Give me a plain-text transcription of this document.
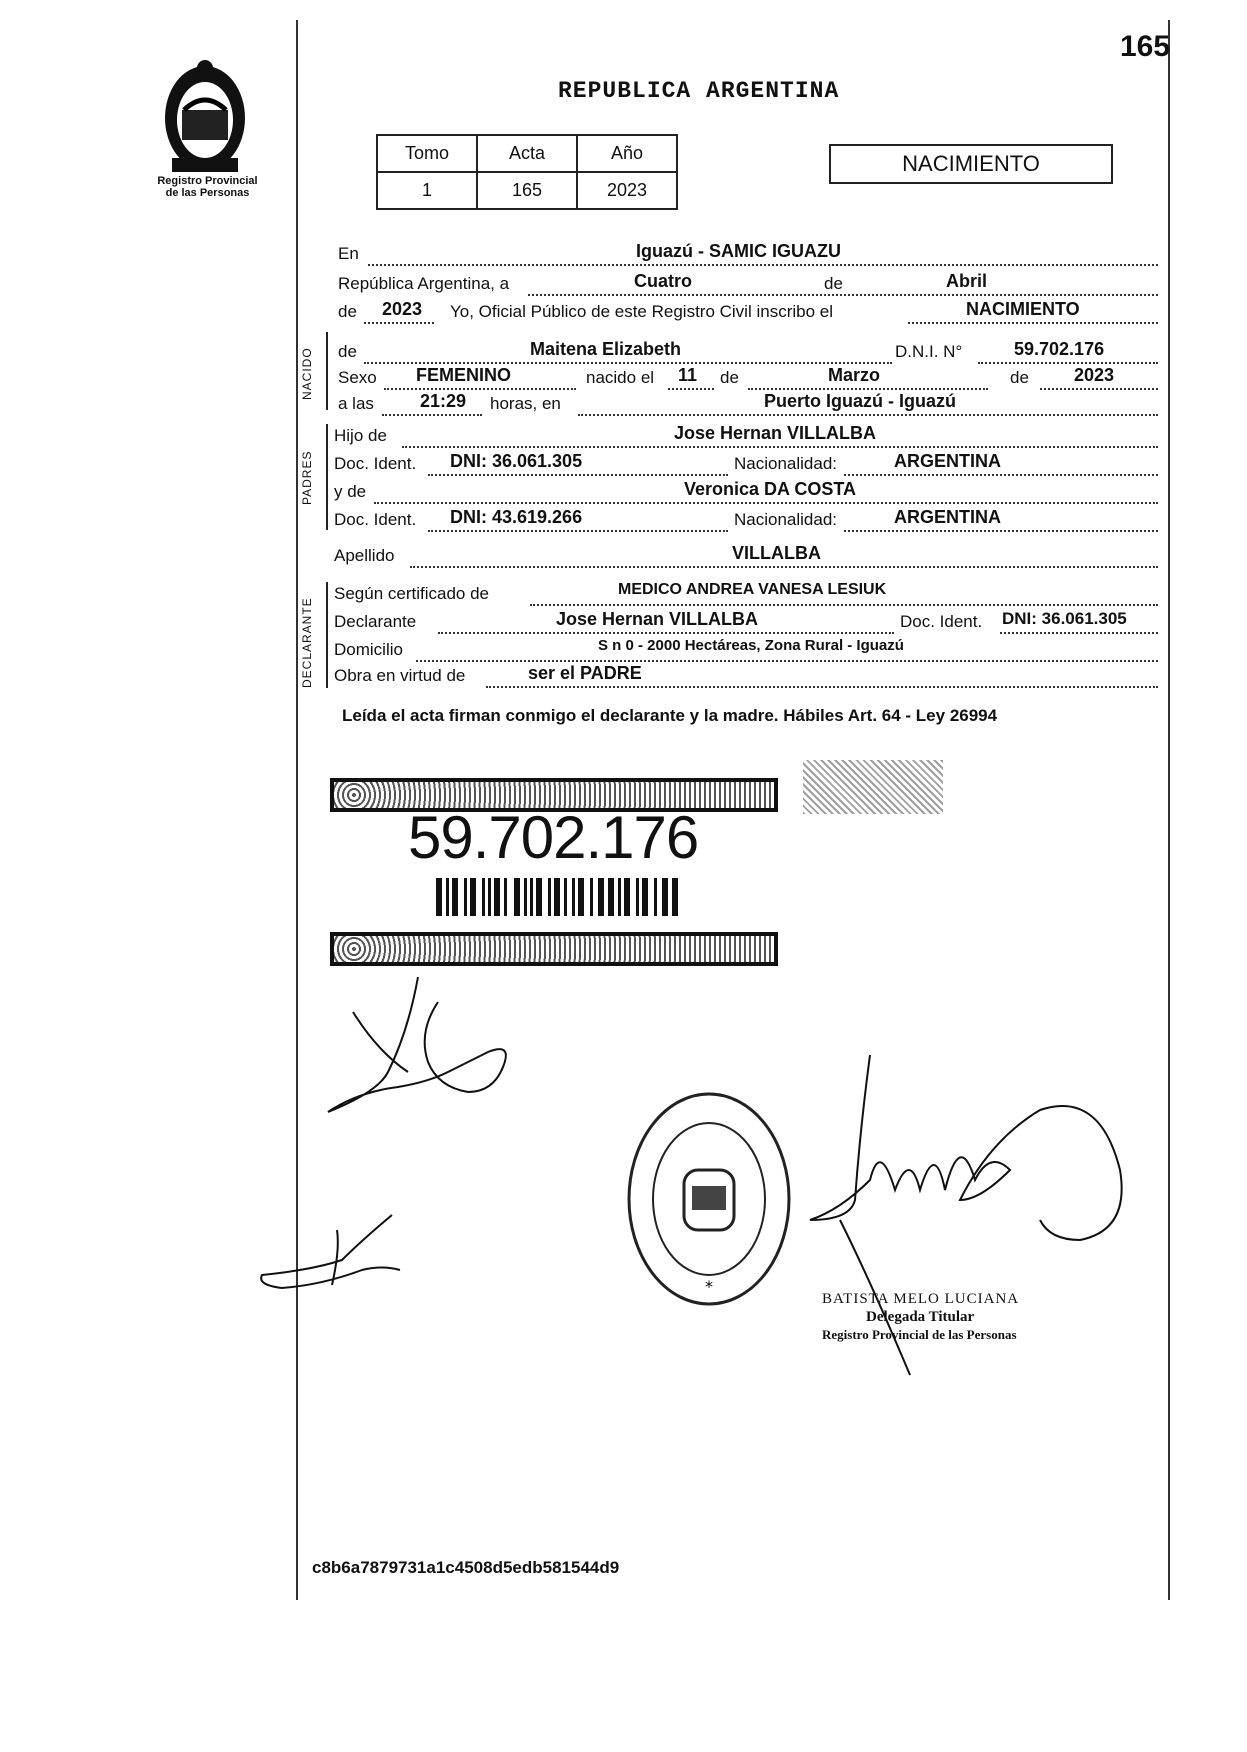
Registro Provincial
de las Personas
165
REPUBLICA ARGENTINA
Tomo	Acta	Año
1	165	2023
NACIMIENTO
En	Iguazú - SAMIC IGUAZU
República Argentina, a	Cuatro	de	Abril
de 2023 Yo, Oficial Público de este Registro Civil inscribo el	NACIMIENTO
NACIDO de	Maitena Elizabeth	D.N.I. N°	59.702.176
Sexo FEMENINO	nacido el 11 de	Marzo	de	2023
a las	21:29 horas, en	Puerto Iguazú - Iguazú
PADRES
Hijo de	Jose Hernan VILLALBA
Doc. Ident. DNI: 36.061.305	Nacionalidad:	ARGENTINA
y de	Veronica DA COSTA
Doc. Ident. DNI: 43.619.266	Nacionalidad:	ARGENTINA
Apellido	VILLALBA
DECLARANTE
Según certificado de	MEDICO ANDREA VANESA LESIUK
Declarante	Jose Hernan VILLALBA	Doc. Ident. DNI: 36.061.305
Domicilio	S n 0 - 2000 Hectáreas, Zona Rural - Iguazú
Obra en virtud de	ser el PADRE
Leída el acta firman conmigo el declarante y la madre. Hábiles Art. 64 - Ley 26994
59.702.176
*
BATISTA MELO LUCIANA
Delegada Titular
Registro Provincial de las Personas
c8b6a7879731a1c4508d5edb581544d9
